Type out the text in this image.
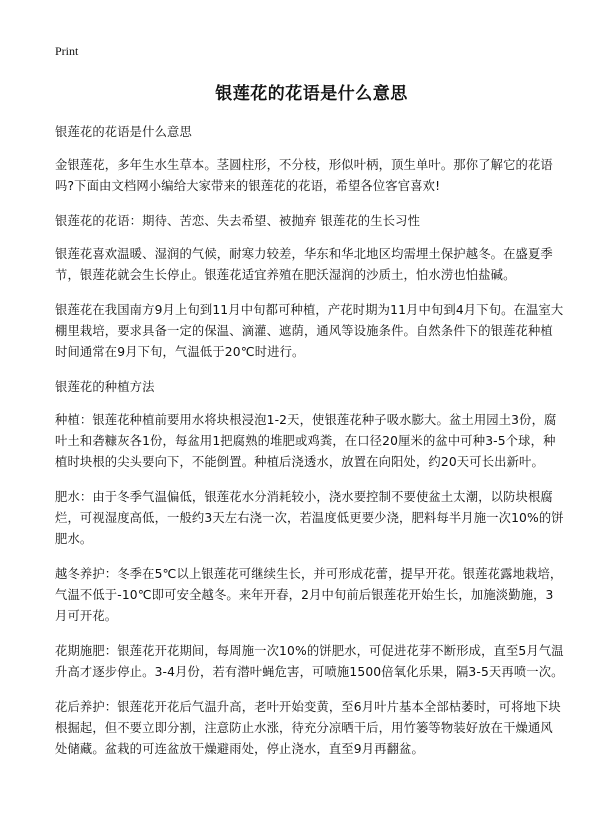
Print
银莲花的花语是什么意思

银莲花的花语是什么意思

金银莲花，多年生水生草本。茎圆柱形，不分枝，形似叶柄，顶生单叶。那你了解它的花语吗?下面由文档网小编给大家带来的银莲花的花语，希望各位客官喜欢!

银莲花的花语：期待、苦恋、失去希望、被抛弃 银莲花的生长习性

银莲花喜欢温暖、湿润的气候，耐寒力较差，华东和华北地区均需埋土保护越冬。在盛夏季节，银莲花就会生长停止。银莲花适宜养殖在肥沃湿润的沙质土，怕水涝也怕盐碱。

银莲花在我国南方9月上旬到11月中旬都可种植，产花时期为11月中旬到4月下旬。在温室大棚里栽培，要求具备一定的保温、滴灌、遮荫，通风等设施条件。自然条件下的银莲花种植时间通常在9月下旬，气温低于20℃时进行。

银莲花的种植方法

种植：银莲花种植前要用水将块根浸泡1-2天，使银莲花种子吸水膨大。盆土用园土3份，腐叶土和砻糠灰各1份，每盆用1把腐熟的堆肥或鸡粪，在口径20厘米的盆中可种3-5个球，种植时块根的尖头要向下，不能倒置。种植后浇透水，放置在向阳处，约20天可长出新叶。

肥水：由于冬季气温偏低，银莲花水分消耗较小，浇水要控制不要使盆土太潮，以防块根腐烂，可视湿度高低，一般约3天左右浇一次，若温度低更要少浇，肥料每半月施一次10%的饼肥水。

越冬养护：冬季在5℃以上银莲花可继续生长，并可形成花蕾，提早开花。银莲花露地栽培，气温不低于-10℃即可安全越冬。来年开春，2月中旬前后银莲花开始生长，加施淡勤施，3月可开花。

花期施肥：银莲花开花期间，每周施一次10%的饼肥水，可促进花芽不断形成，直至5月气温升高才逐步停止。3-4月份，若有潜叶蝇危害，可喷施1500倍氧化乐果，隔3-5天再喷一次。

花后养护：银莲花开花后气温升高，老叶开始变黄，至6月叶片基本全部枯萎时，可将地下块根掘起，但不要立即分割，注意防止水涨，待充分凉晒干后，用竹篓等物装好放在干燥通风处储藏。盆栽的可连盆放干燥避雨处，停止浇水，直至9月再翻盆。
